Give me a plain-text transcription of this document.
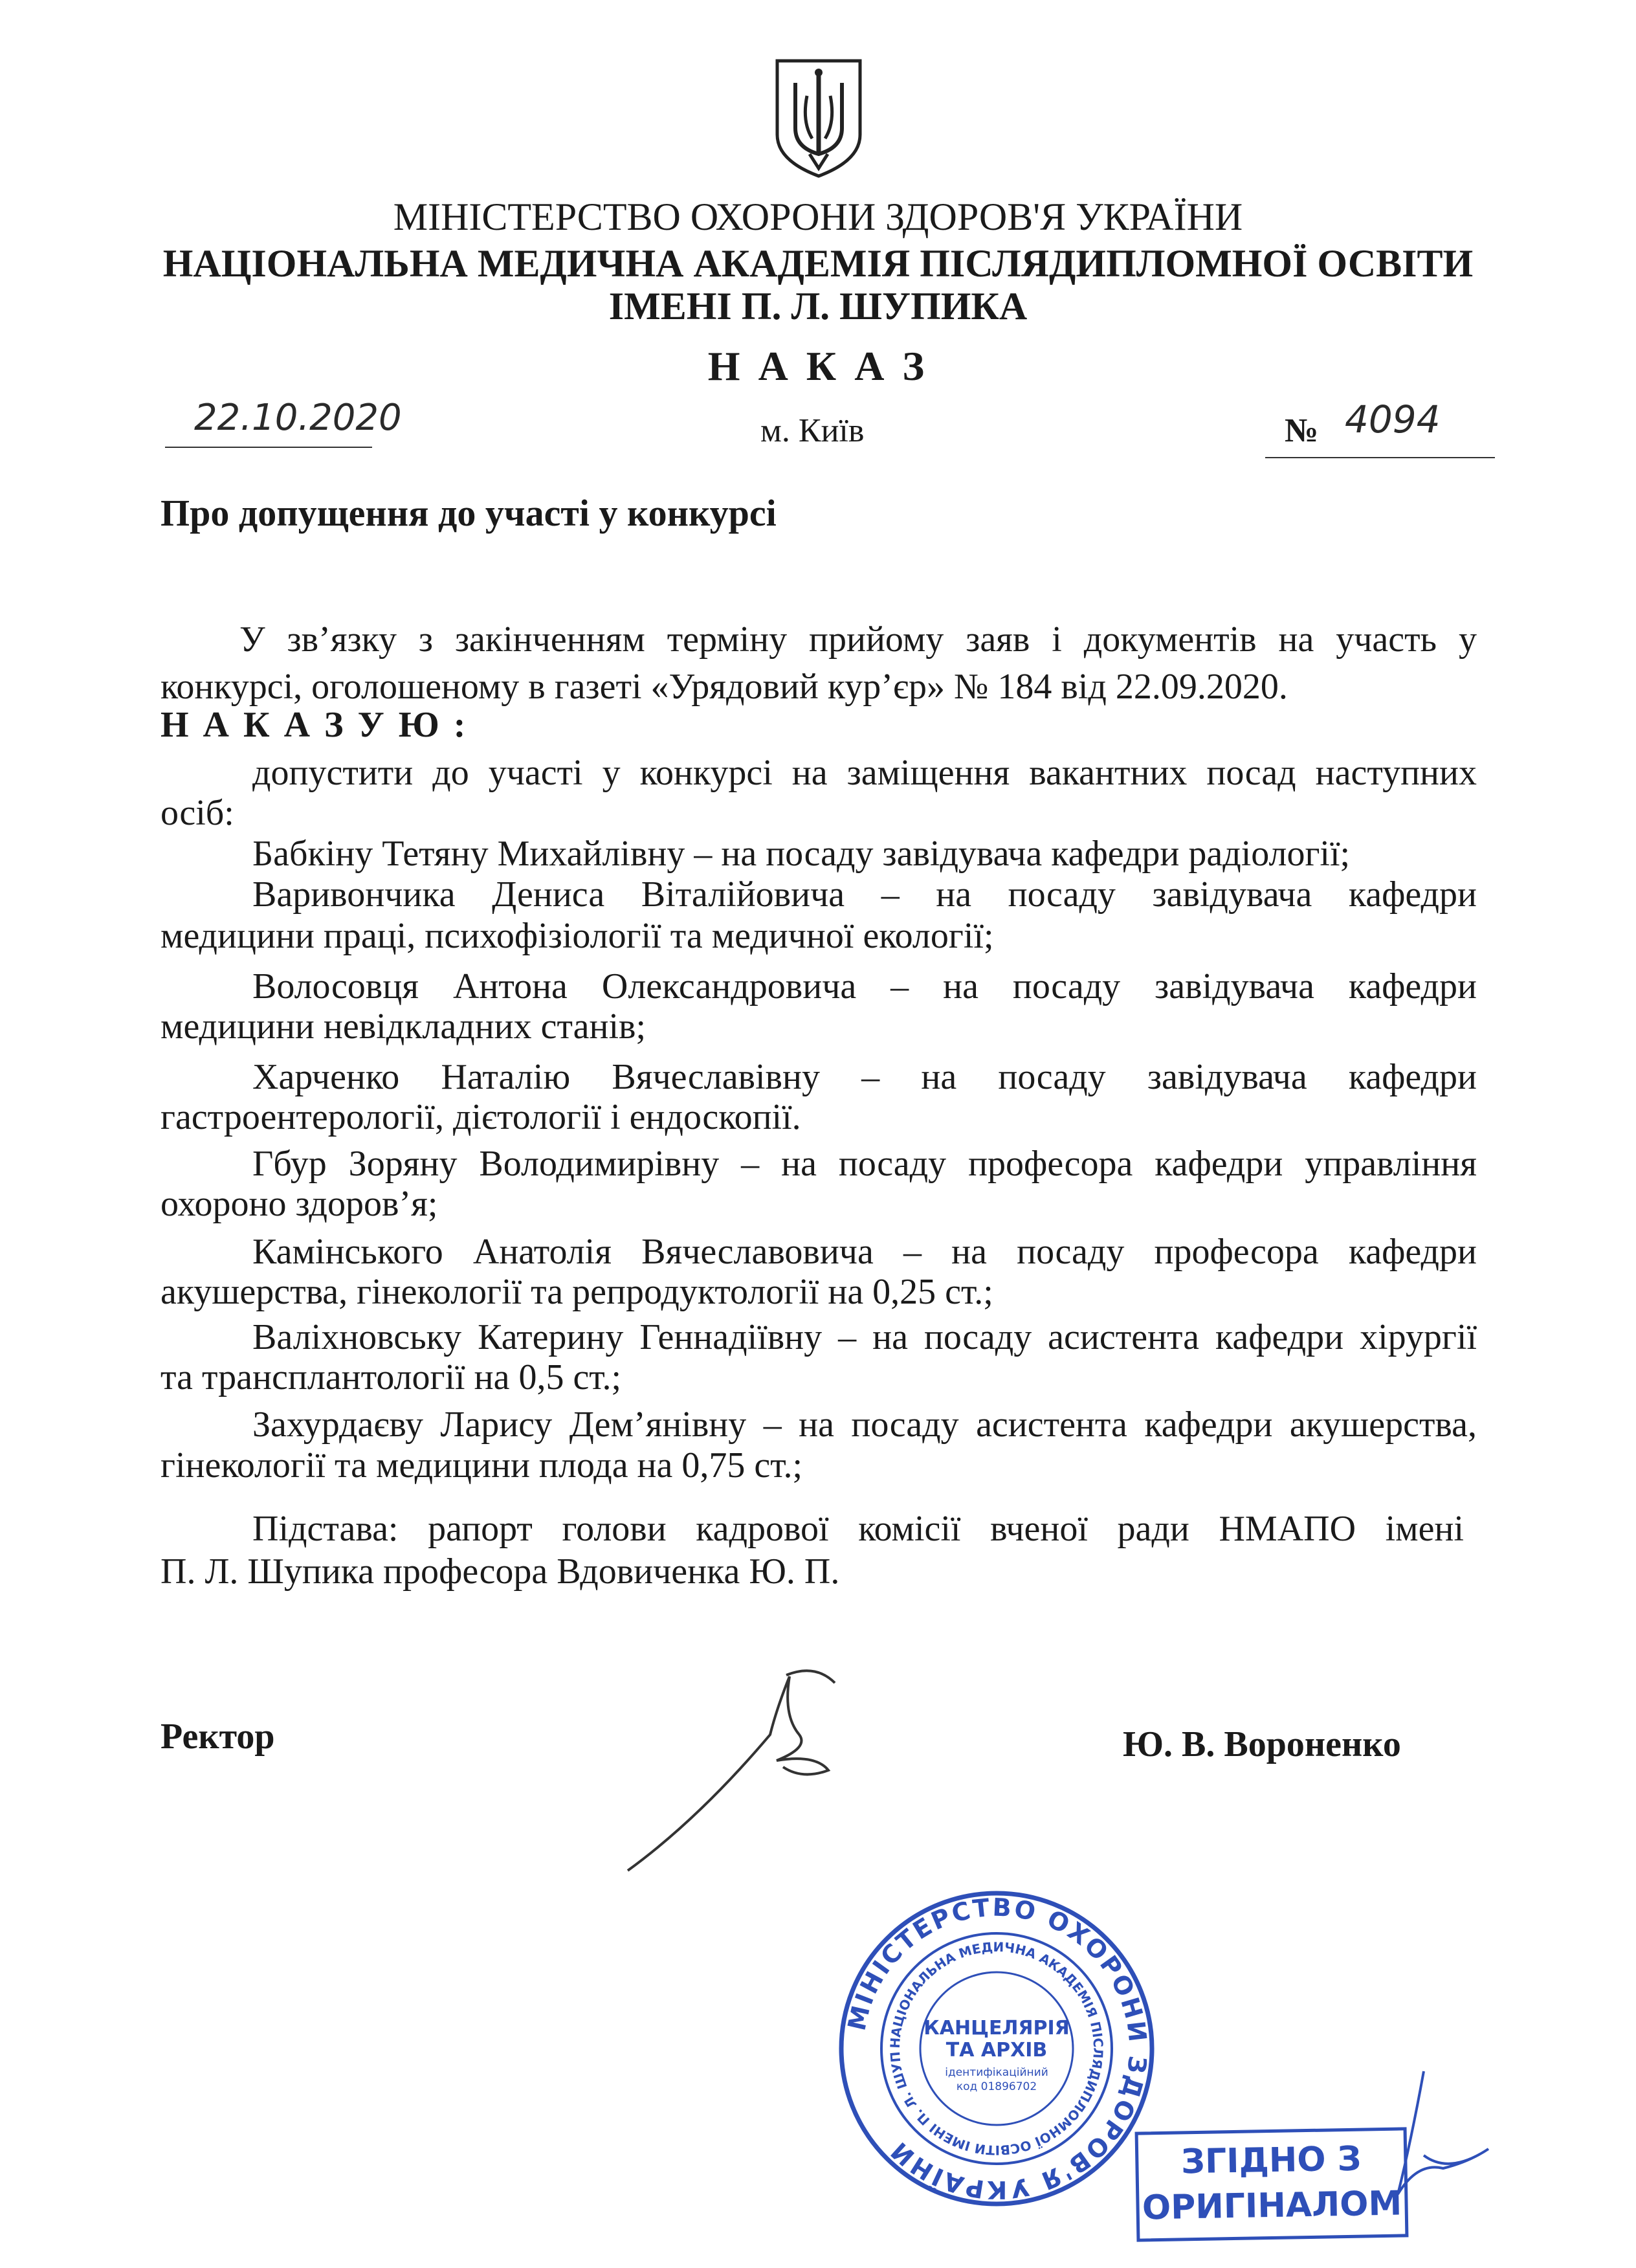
МІНІСТЕРСТВО ОХОРОНИ ЗДОРОВ'Я УКРАЇНИ
НАЦІОНАЛЬНА МЕДИЧНА АКАДЕМІЯ ПІСЛЯДИПЛОМНОЇ ОСВІТИ
ІМЕНІ П. Л. ШУПИКА
Н А К А З
22.10.2020	м. Київ	№ 4094
Про допущення до участі у конкурсі
У зв’язку з закінченням терміну прийому заяв і документів на участь у
конкурсі, оголошеному в газеті «Урядовий кур’єр» № 184 від 22.09.2020.
Н А К А З У Ю :
допустити до участі у конкурсі на заміщення вакантних посад наступних
осіб:
Бабкіну Тетяну Михайлівну – на посаду завідувача кафедри радіології;
Варивончика Дениса Віталійовича – на посаду завідувача кафедри
медицини праці, психофізіології та медичної екології;
Волосовця Антона Олександровича – на посаду завідувача кафедри
медицини невідкладних станів;
Харченко Наталію Вячеславівну – на посаду завідувача кафедри
гастроентерології, дієтології і ендоскопії.
Гбур Зоряну Володимирівну – на посаду професора кафедри управління
охороно здоров’я;
Камінського Анатолія Вячеславовича – на посаду професора кафедри
акушерства, гінекології та репродуктології на 0,25 ст.;
Валіхновську Катерину Геннадіївну – на посаду асистента кафедри хірургії
та трансплантології на 0,5 ст.;
Захурдаєву Ларису Дем’янівну – на посаду асистента кафедри акушерства,
гінекології та медицини плода на 0,75 ст.;
Підстава: рапорт голови кадрової комісії вченої ради НМАПО імені
П. Л. Шупика професора Вдовиченка Ю. П.
Ректор	Ю. В. Вороненко
МІНІСТЕРСТВО ОХОРОНИ ЗДОРОВ'Я УКРАЇНИ
НАЦІОНАЛЬНА МЕДИЧНА АКАДЕМІЯ ПІСЛЯДИПЛОМНОЇ ОСВІТИ ІМЕНІ П. Л. ШУП
КАНЦЕЛЯРІЯ
ТА АРХІВ
ідентифікаційний
код 01896702
ЗГІДНО З
ОРИГІНАЛОМ
